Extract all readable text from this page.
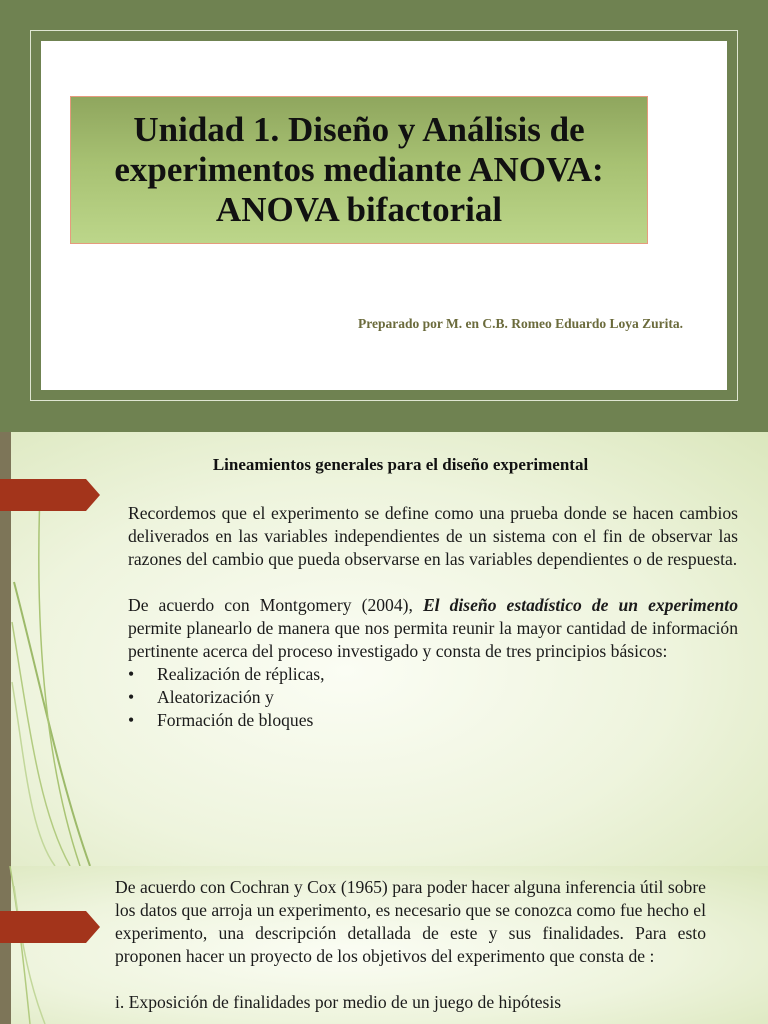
Unidad 1. Diseño y Análisis de experimentos mediante ANOVA: ANOVA bifactorial
Preparado por M. en C.B. Romeo Eduardo Loya Zurita.
Lineamientos generales para el diseño experimental

Recordemos que el experimento se define como una prueba donde se hacen cambios deliverados en las variables independientes de un sistema con el fin de observar las razones del cambio que pueda observarse en las variables dependientes o de respuesta.

De acuerdo con Montgomery (2004), El diseño estadístico de un experimento permite planearlo de manera que nos permita reunir la mayor cantidad de información pertinente acerca del proceso investigado y consta de tres principios básicos:

• Realización de réplicas,
• Aleatorización y
• Formación de bloques

De acuerdo con Cochran y Cox (1965) para poder hacer alguna inferencia útil sobre los datos que arroja un experimento, es necesario que se conozca como fue hecho el experimento, una descripción detallada de este y sus finalidades. Para esto proponen hacer un proyecto de los objetivos del experimento que consta de :

i. Exposición de finalidades por medio de un juego de hipótesis
